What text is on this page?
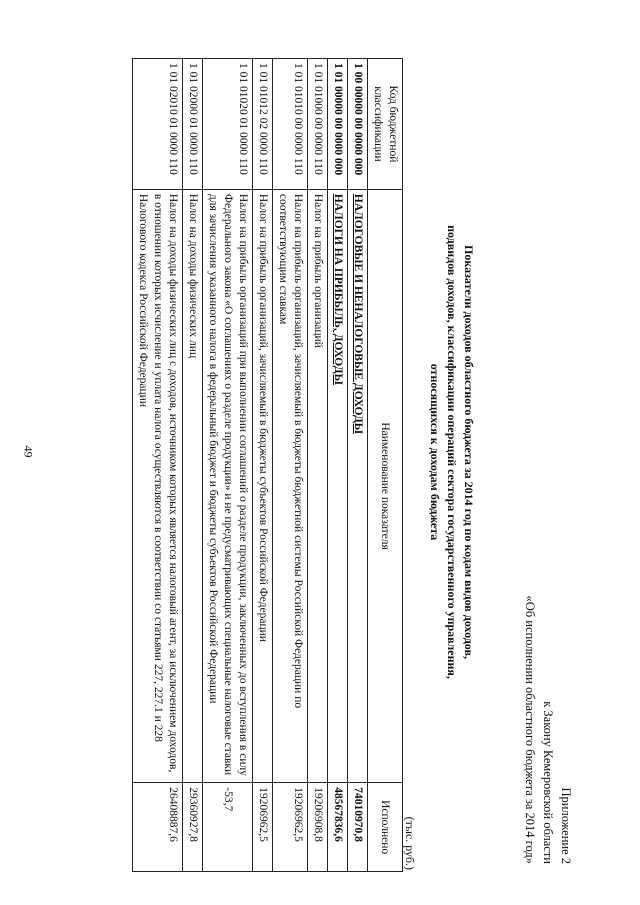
49
Приложение 2
к Закону Кемеровской области
«Об исполнении областного бюджета за 2014 год»
Показатели доходов областного бюджета за 2014 год по кодам видов доходов,
подвидов доходов, классификации операций сектора государственного управления,
относящихся к доходам бюджета
(тыс. руб.)
Код бюджетной классификации	Наименование показателя	Исполнено
1 00 00000 00 0000 000	НАЛОГОВЫЕ И НЕНАЛОГОВЫЕ ДОХОДЫ	74010970,8
1 01 00000 00 0000 000	НАЛОГИ НА ПРИБЫЛЬ, ДОХОДЫ	48567836,6
1 01 01000 00 0000 110	Налог на прибыль организаций	19206908,8
1 01 01010 00 0000 110	Налог на прибыль организаций, зачисляемый в бюджеты бюджетной системы Российской Федерации по соответствующим ставкам	19206962,5
1 01 01012 02 0000 110	Налог на прибыль организаций, зачисляемый в бюджеты субъектов Российской Федерации	19206962,5
1 01 01020 01 0000 110	Налог на прибыль организаций при выполнении соглашений о разделе продукции, заключенных до вступления в силу Федерального закона «О соглашениях о разделе продукции» и не предусматривающих специальные налоговые ставки для зачисления указанного налога в федеральный бюджет и бюджеты субъектов Российской Федерации	-53,7
1 01 02000 01 0000 110	Налог на доходы физических лиц	29360927,8
1 01 02010 01 0000 110	Налог на доходы физических лиц с доходов, источником которых является налоговый агент, за исключением доходов, в отношении которых исчисление и уплата налога осуществляются в соответствии со статьями 227, 227.1 и 228 Налогового кодекса Российской Федерации	26408887,6
